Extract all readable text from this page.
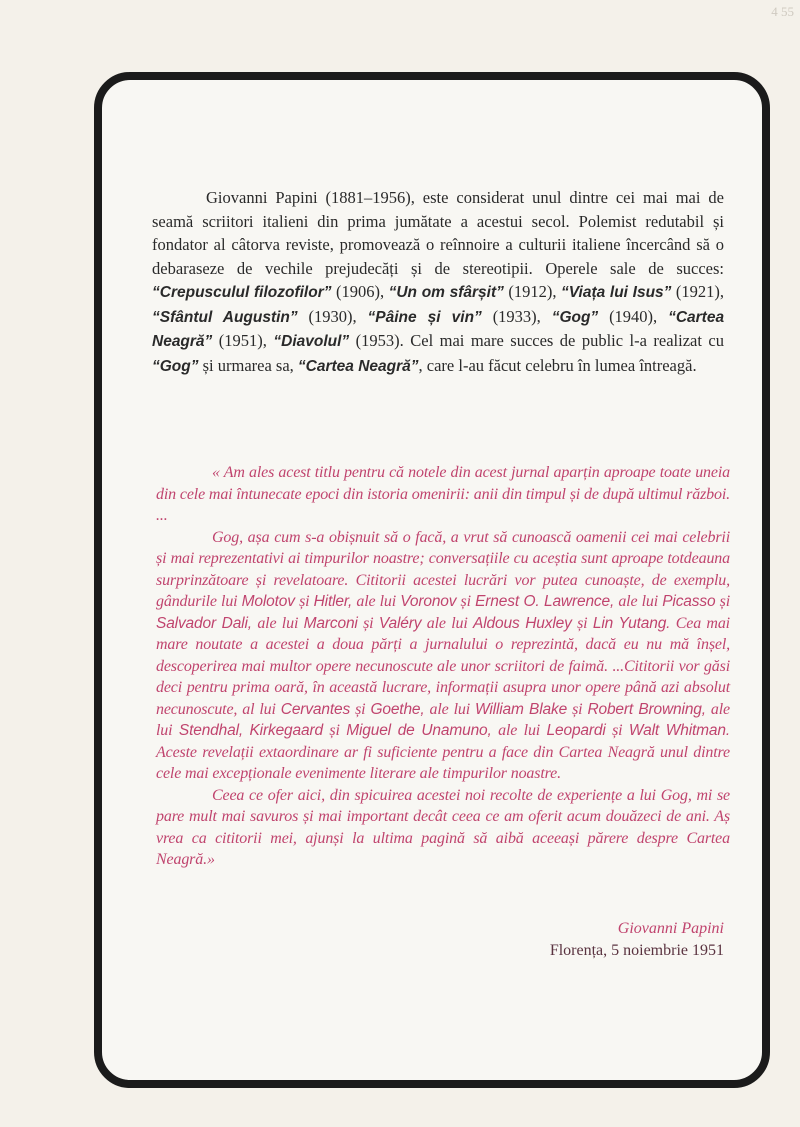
4 55

Giovanni Papini (1881–1956), este considerat unul dintre cei mai mai de seamă scriitori italieni din prima jumătate a acestui secol. Polemist redutabil și fondator al câtorva reviste, promovează o reînnoire a culturii italiene încercând să o debaraseze de vechile prejudecăți și de stereotipii. Operele sale de succes: “Crepusculul filozofilor” (1906), “Un om sfârșit” (1912), “Viața lui Isus” (1921), “Sfântul Augustin” (1930), “Pâine și vin” (1933), “Gog” (1940), “Cartea Neagră” (1951), “Diavolul” (1953). Cel mai mare succes de public l-a realizat cu “Gog” și urmarea sa, “Cartea Neagră”, care l-au făcut celebru în lumea întreagă.

« Am ales acest titlu pentru că notele din acest jurnal aparțin aproape toate uneia din cele mai întunecate epoci din istoria omenirii: anii din timpul și de după ultimul război. ...

Gog, așa cum s-a obișnuit să o facă, a vrut să cunoască oamenii cei mai celebrii și mai reprezentativi ai timpurilor noastre; conversațiile cu aceștia sunt aproape totdeauna surprinzătoare și revelatoare. Cititorii acestei lucrări vor putea cunoaște, de exemplu, gândurile lui Molotov și Hitler, ale lui Voronov și Ernest O. Lawrence, ale lui Picasso și Salvador Dali, ale lui Marconi și Valéry ale lui Aldous Huxley și Lin Yutang. Cea mai mare noutate a acestei a doua părți a jurnalului o reprezintă, dacă eu nu mă înșel, descoperirea mai multor opere necunoscute ale unor scriitori de faimă. ...Cititorii vor găsi deci pentru prima oară, în această lucrare, informații asupra unor opere până azi absolut necunoscute, al lui Cervantes și Goethe, ale lui William Blake și Robert Browning, ale lui Stendhal, Kirkegaard și Miguel de Unamuno, ale lui Leopardi și Walt Whitman. Aceste revelații extaordinare ar fi suficiente pentru a face din Cartea Neagră unul dintre cele mai excepționale evenimente literare ale timpurilor noastre.

Ceea ce ofer aici, din spicuirea acestei noi recolte de experiențe a lui Gog, mi se pare mult mai savuros și mai important decât ceea ce am oferit acum douăzeci de ani. Aș vrea ca cititorii mei, ajunși la ultima pagină să aibă aceeași părere despre Cartea Neagră.»

Giovanni Papini
Florența, 5 noiembrie 1951
